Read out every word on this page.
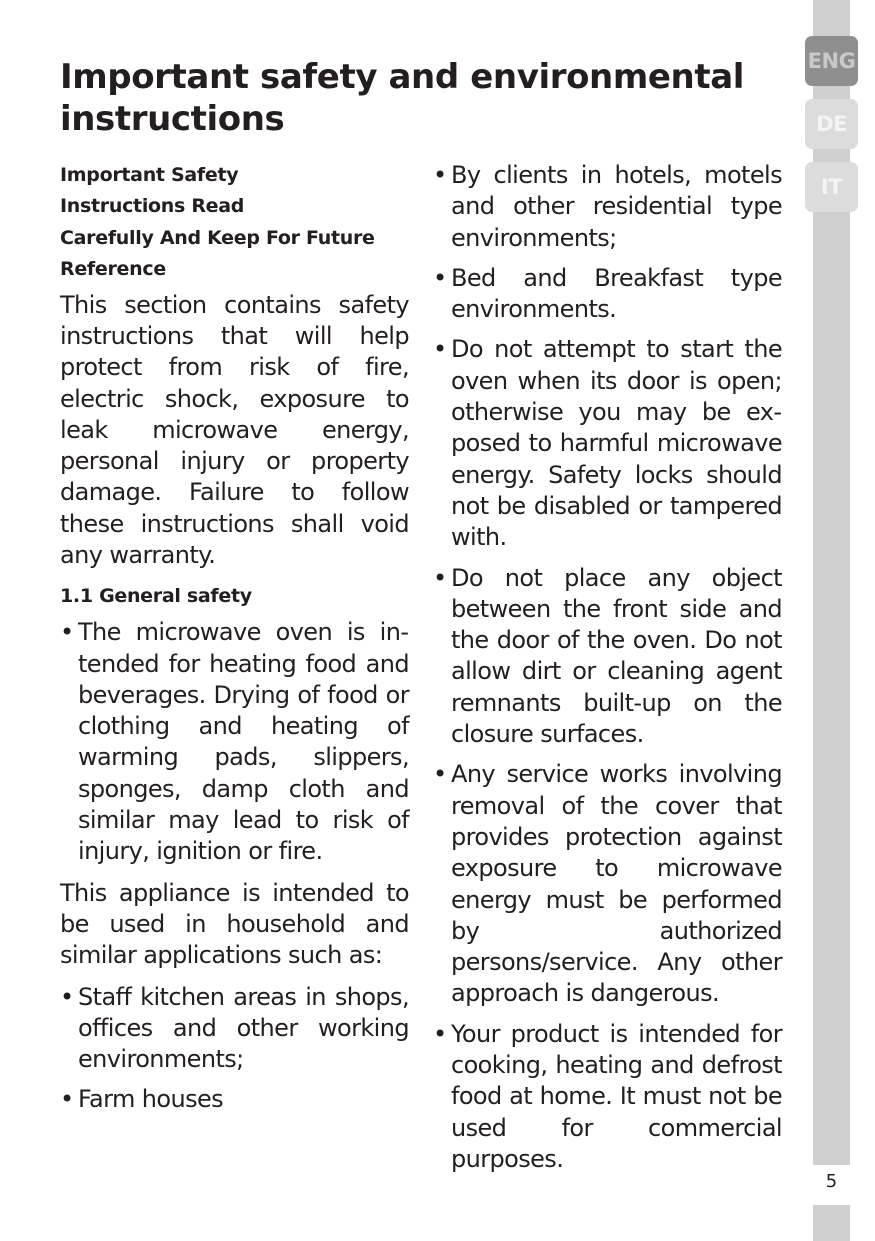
Important safety and environmental instructions
Important Safety
Instructions Read
Carefully And Keep For Future
Reference

This section contains safety instructions that will help protect from risk of fire, electric shock, exposure to leak microwave energy, personal injury or property damage. Failure to follow these instructions shall void any warranty.

1.1 General safety
• The microwave oven is intended for heating food and beverages. Drying of food or clothing and heating of warming pads, slippers, sponges, damp cloth and similar may lead to risk of injury, ignition or fire.

This appliance is intended to be used in household and similar applications such as:

• Staff kitchen areas in shops, offices and other working environments;
• Farm houses
• By clients in hotels, motels and other residential type environments;
• Bed and Breakfast type environments.
• Do not attempt to start the oven when its door is open; otherwise you may be exposed to harmful microwave energy. Safety locks should not be disabled or tampered with.
• Do not place any object between the front side and the door of the oven. Do not allow dirt or cleaning agent remnants built-up on the closure surfaces.
• Any service works involving removal of the cover that provides protection against exposure to microwave energy must be performed by authorized persons/service. Any other approach is dangerous.
• Your product is intended for cooking, heating and defrost food at home. It must not be used for commercial purposes.
ENG
DE
IT
5
